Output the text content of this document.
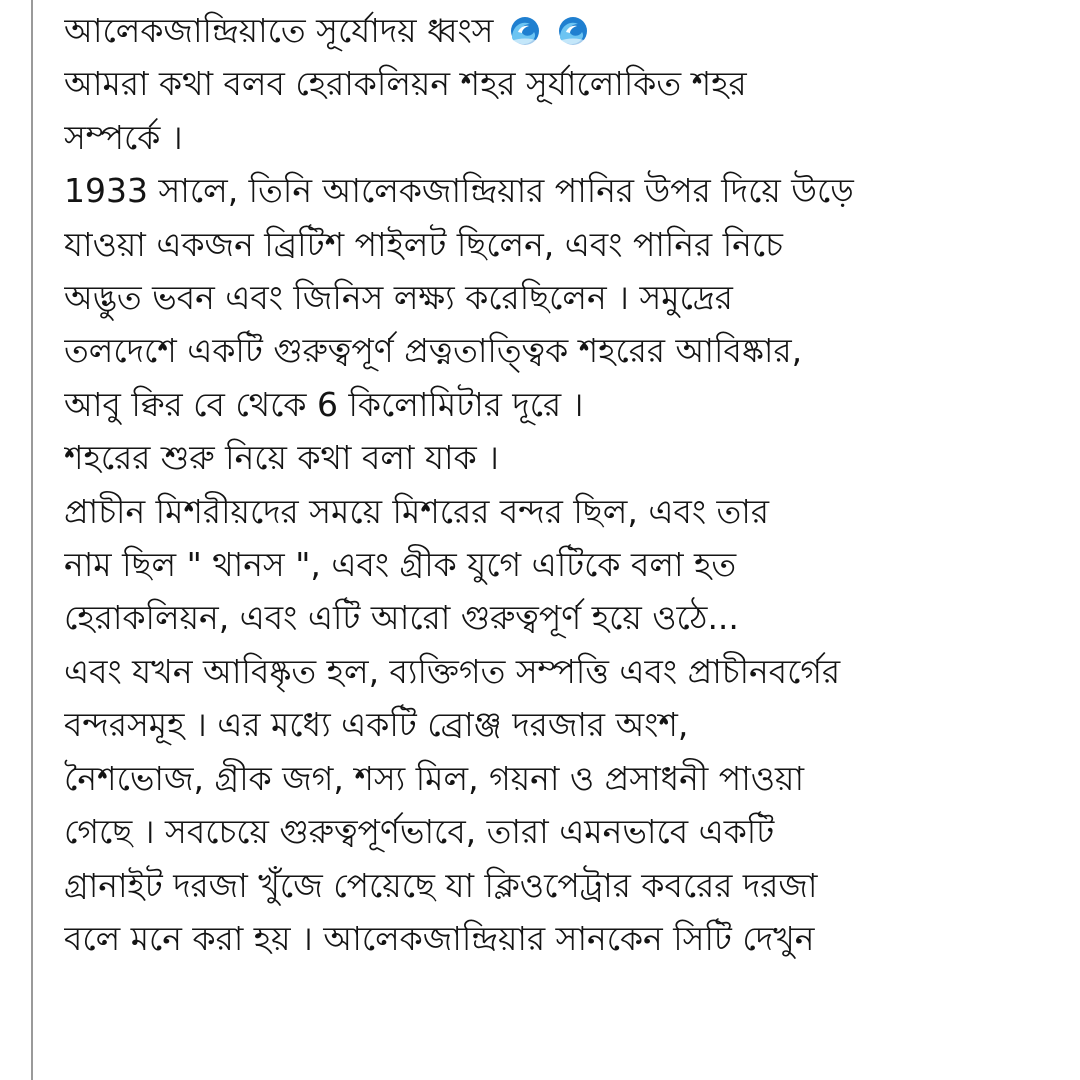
আলেকজান্দ্রিয়াতে সূর্যোদয় ধ্বংস

আমরা কথা বলব হেরাকলিয়ন শহর সূর্যালোকিত শহর
সম্পর্কে ।
1933 সালে, তিনি আলেকজান্দ্রিয়ার পানির উপর দিয়ে উড়ে
যাওয়া একজন ব্রিটিশ পাইলট ছিলেন, এবং পানির নিচে
অদ্ভুত ভবন এবং জিনিস লক্ষ্য করেছিলেন । সমুদ্রের
তলদেশে একটি গুরুত্বপূর্ণ প্রত্নতাত্ত্বিক শহরের আবিষ্কার,
আবু ক্বির বে থেকে 6 কিলোমিটার দূরে ।
শহরের শুরু নিয়ে কথা বলা যাক ।
প্রাচীন মিশরীয়দের সময়ে মিশরের বন্দর ছিল, এবং তার
নাম ছিল " থানস ", এবং গ্রীক যুগে এটিকে বলা হত
হেরাকলিয়ন, এবং এটি আরো গুরুত্বপূর্ণ হয়ে ওঠে...
এবং যখন আবিষ্কৃত হল, ব্যক্তিগত সম্পত্তি এবং প্রাচীনবর্গের
বন্দরসমূহ । এর মধ্যে একটি ব্রোঞ্জ দরজার অংশ,
নৈশভোজ, গ্রীক জগ, শস্য মিল, গয়না ও প্রসাধনী পাওয়া
গেছে । সবচেয়ে গুরুত্বপূর্ণভাবে, তারা এমনভাবে একটি
গ্রানাইট দরজা খুঁজে পেয়েছে যা ক্লিওপেট্রার কবরের দরজা
বলে মনে করা হয় । আলেকজান্দ্রিয়ার সানকেন সিটি দেখুন
